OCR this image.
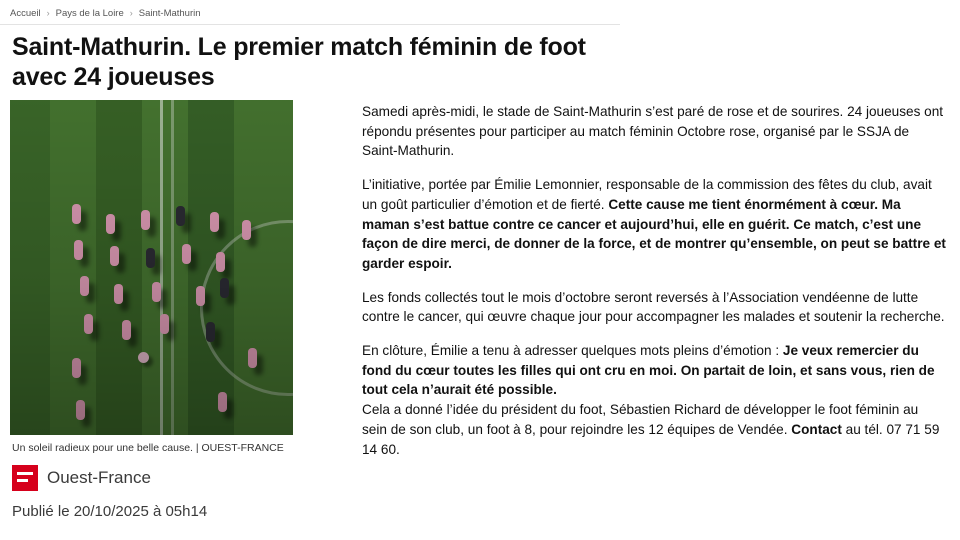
Accueil › Pays de la Loire › Saint-Mathurin
Saint-Mathurin. Le premier match féminin de foot avec 24 joueuses
Un soleil radieux pour une belle cause. | OUEST-FRANCE
Ouest-France
Publié le 20/10/2025 à 05h14

Samedi après-midi, le stade de Saint-Mathurin s’est paré de rose et de sourires. 24 joueuses ont répondu présentes pour participer au match féminin Octobre rose, organisé par le SSJA de Saint-Mathurin.

L’initiative, portée par Émilie Lemonnier, responsable de la commission des fêtes du club, avait un goût particulier d’émotion et de fierté. Cette cause me tient énormément à cœur. Ma maman s’est battue contre ce cancer et aujourd’hui, elle en guérit. Ce match, c’est une façon de dire merci, de donner de la force, et de montrer qu’ensemble, on peut se battre et garder espoir.

Les fonds collectés tout le mois d’octobre seront reversés à l’Association vendéenne de lutte contre le cancer, qui œuvre chaque jour pour accompagner les malades et soutenir la recherche.

En clôture, Émilie a tenu à adresser quelques mots pleins d’émotion : Je veux remercier du fond du cœur toutes les filles qui ont cru en moi. On partait de loin, et sans vous, rien de tout cela n’aurait été possible.

Cela a donné l’idée du président du foot, Sébastien Richard de développer le foot féminin au sein de son club, un foot à 8, pour rejoindre les 12 équipes de Vendée. Contact au tél. 07 71 59 14 60.
